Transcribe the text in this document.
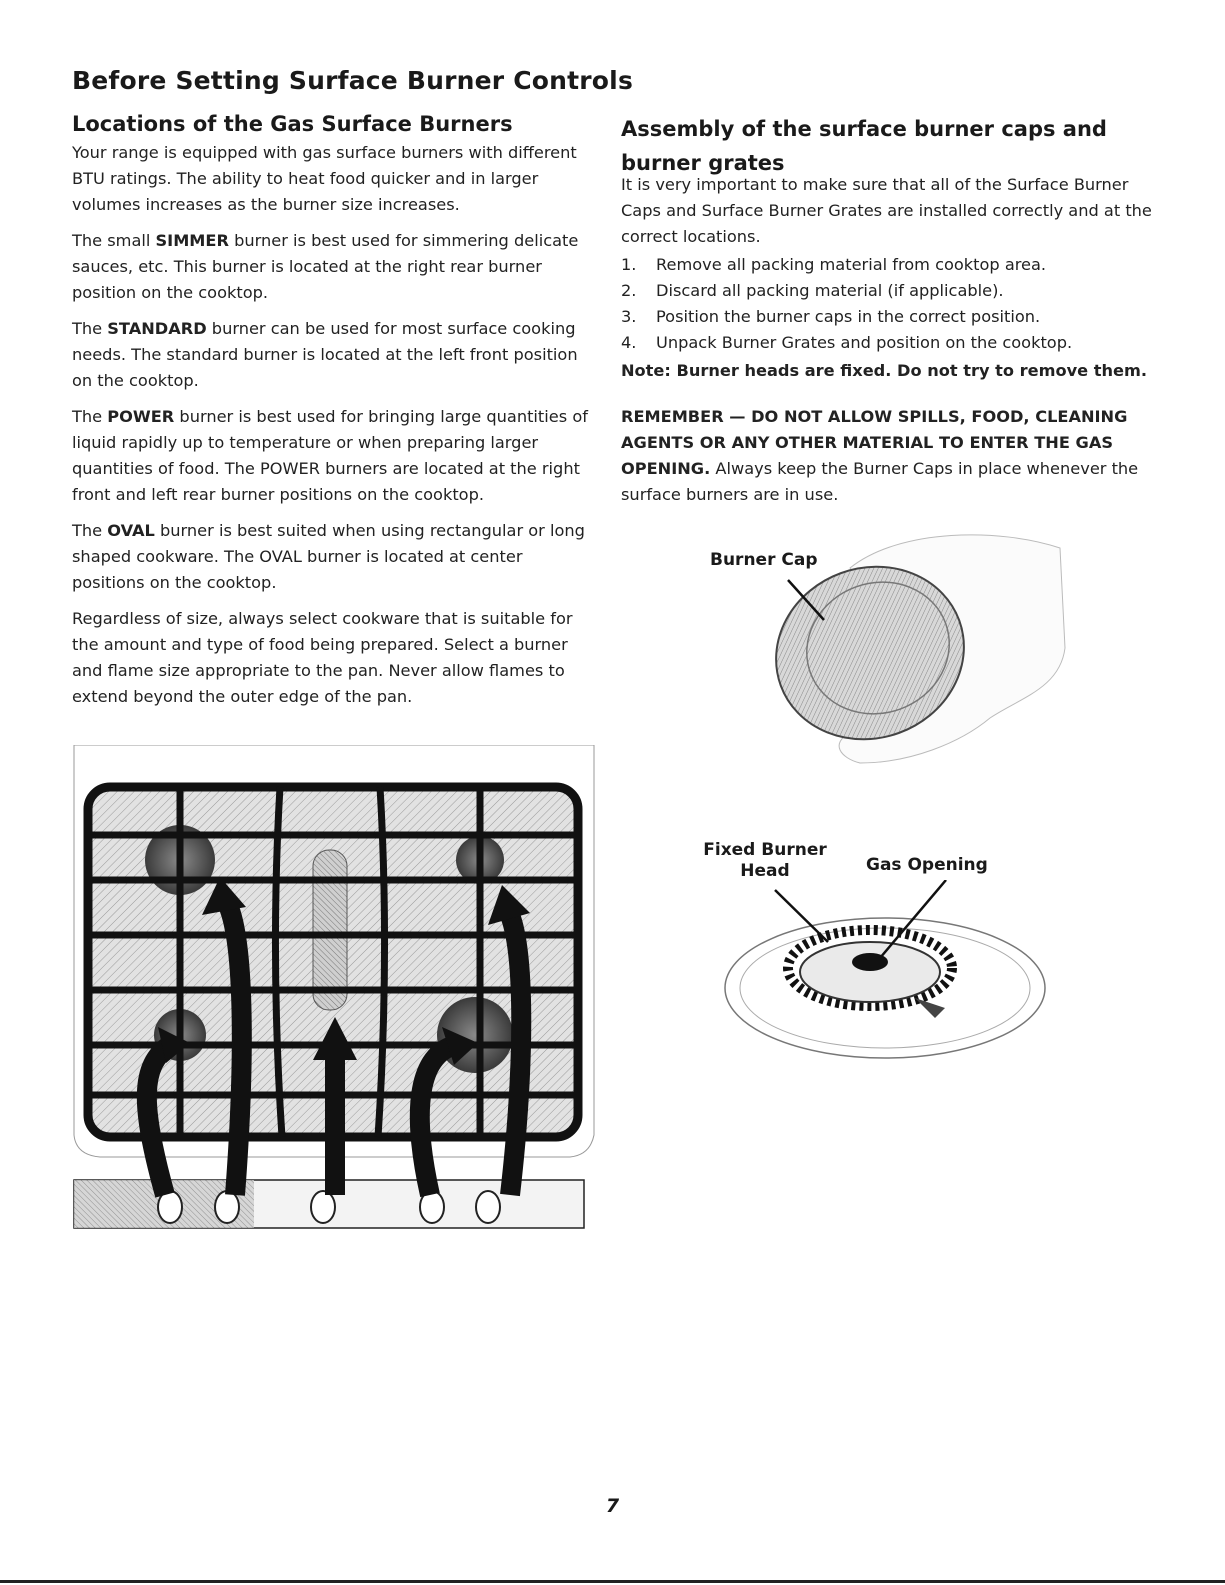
Before Setting Surface Burner Controls
Locations of the Gas Surface Burners

Your range is equipped with gas surface burners with different BTU ratings. The ability to heat food quicker and in larger volumes increases as the burner size increases.

The small SIMMER burner is best used for simmering delicate sauces, etc. This burner is located at the right rear burner position on the cooktop.

The STANDARD burner can be used for most surface cooking needs. The standard burner is located at the left front position on the cooktop.

The POWER burner is best used for bringing large quantities of liquid rapidly up to temperature or when preparing larger quantities of food. The POWER burners are located at the right front and left rear burner positions on the cooktop.

The OVAL burner is best suited when using rectangular or long shaped cookware. The OVAL burner is located at center positions on the cooktop.

Regardless of size, always select cookware that is suitable for the amount and type of food being prepared. Select a burner and flame size appropriate to the pan. Never allow flames to extend beyond the outer edge of the pan.

Assembly of the surface burner caps and burner grates

It is very important to make sure that all of the Surface Burner Caps and Surface Burner Grates are installed correctly and at the correct locations.

1.	Remove all packing material from cooktop area.
2.	Discard all packing material (if applicable).
3.	Position the burner caps in the correct position.
4.	Unpack Burner Grates and position on the cooktop.

Note: Burner heads are fixed. Do not try to remove them.

REMEMBER — DO NOT ALLOW SPILLS, FOOD, CLEANING AGENTS OR ANY OTHER MATERIAL TO ENTER THE GAS OPENING. Always keep the Burner Caps in place whenever the surface burners are in use.

Burner Cap
Fixed Burner
Head	Gas Opening
7
